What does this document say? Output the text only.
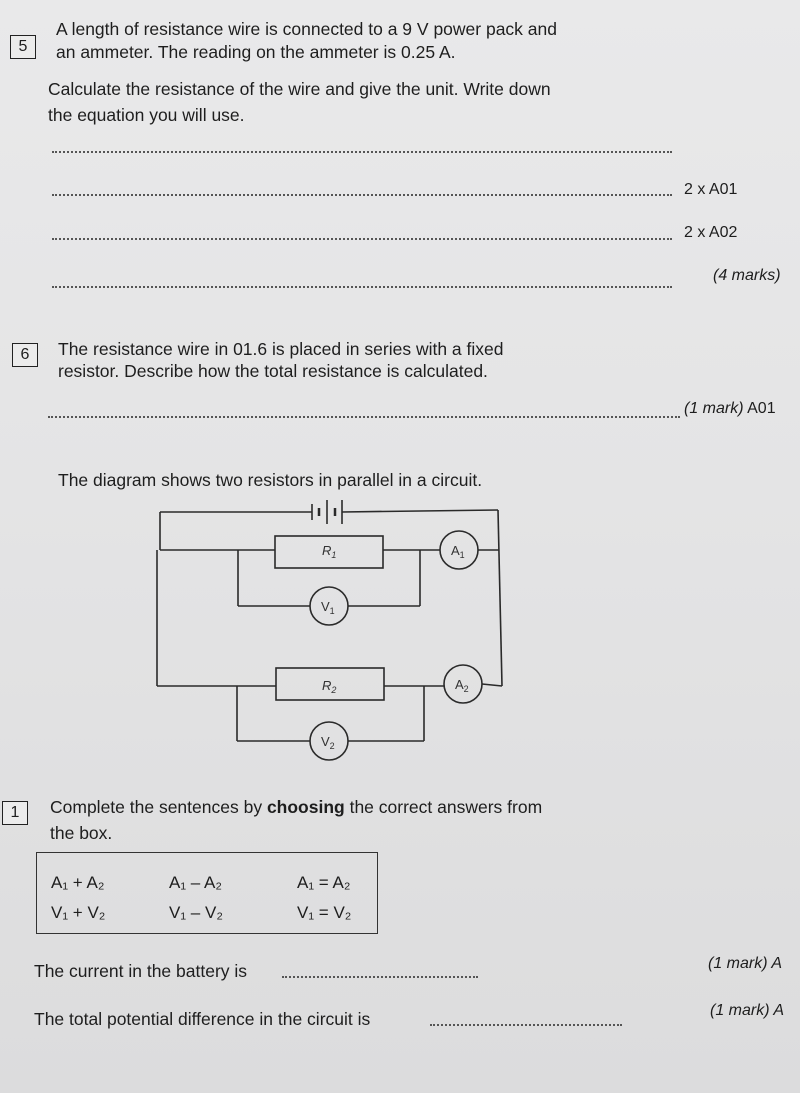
5
A length of resistance wire is connected to a 9 V power pack and
an ammeter. The reading on the ammeter is 0.25 A.
Calculate the resistance of the wire and give the unit. Write down
the equation you will use.
2 x A01
2 x A02
(4 marks)
6	The resistance wire in 01.6 is placed in series with a fixed
resistor. Describe how the total resistance is calculated.
(1 mark) A01
The diagram shows two resistors in parallel in a circuit.
$R_1$	$A_1$
$V_1$
$R_2$	$A_2$
$V_2$
1	Complete the sentences by choosing the correct answers from
the box.
A₁ + A₂	A₁ – A₂	A₁ = A₂
V₁ + V₂	V₁ – V₂	V₁ = V₂
The current in the battery is	(1 mark) A
The total potential difference in the circuit is	(1 mark) A
